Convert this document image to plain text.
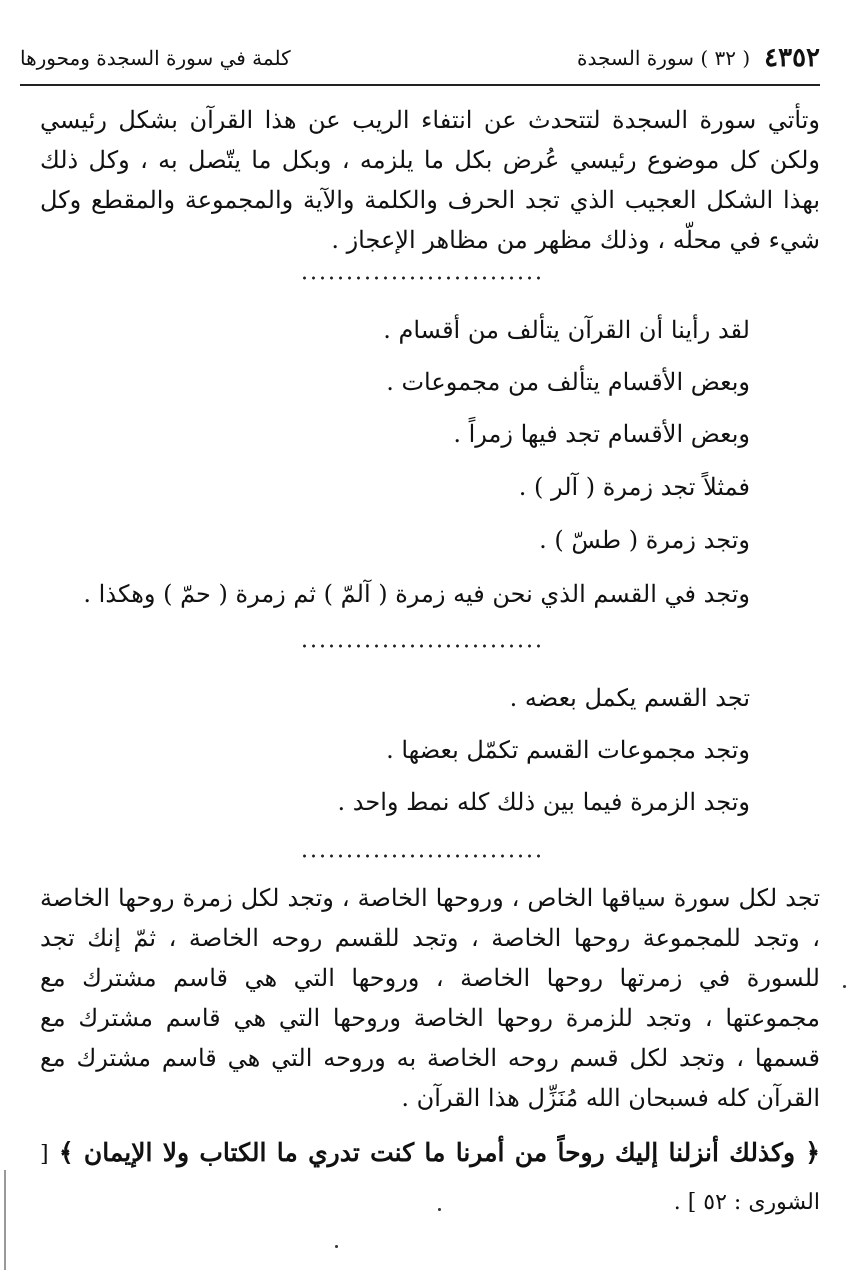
٤٣٥٢
( ٣٢ ) سورة السجدة
كلمة في سورة السجدة ومحورها
وتأتي سورة السجدة لتتحدث عن انتفاء الريب عن هذا القرآن بشكل رئيسي ولكن كل موضوع رئيسي عُرض بكل ما يلزمه ، وبكل ما يتّصل به ، وكل ذلك بهذا الشكل العجيب الذي تجد الحرف والكلمة والآية والمجموعة والمقطع وكل شيء في محلّه ، وذلك مظهر من مظاهر الإعجاز .
لقد رأينا أن القرآن يتألف من أقسام .
وبعض الأقسام يتألف من مجموعات .
وبعض الأقسام تجد فيها زمراً .
فمثلاً تجد زمرة ( آلر ) .
وتجد زمرة ( طسّ ) .
وتجد في القسم الذي نحن فيه زمرة ( آلمّ ) ثم زمرة ( حمّ ) وهكذا .
تجد القسم يكمل بعضه .
وتجد مجموعات القسم تكمّل بعضها .
وتجد الزمرة فيما بين ذلك كله نمط واحد .
تجد لكل سورة سياقها الخاص ، وروحها الخاصة ، وتجد لكل زمرة روحها الخاصة ، وتجد للمجموعة روحها الخاصة ، وتجد للقسم روحه الخاصة ، ثمّ إنك تجد للسورة في زمرتها روحها الخاصة ، وروحها التي هي قاسم مشترك مع مجموعتها ، وتجد للزمرة روحها الخاصة وروحها التي هي قاسم مشترك مع قسمها ، وتجد لكل قسم روحه الخاصة به وروحه التي هي قاسم مشترك مع القرآن كله فسبحان الله مُنَزِّل هذا القرآن .
﴿ وكذلك أنزلنا إليك روحاً من أمرنا ما كنت تدري ما الكتاب ولا الإيمان ﴾ [ الشورى : ٥٢ ] .
